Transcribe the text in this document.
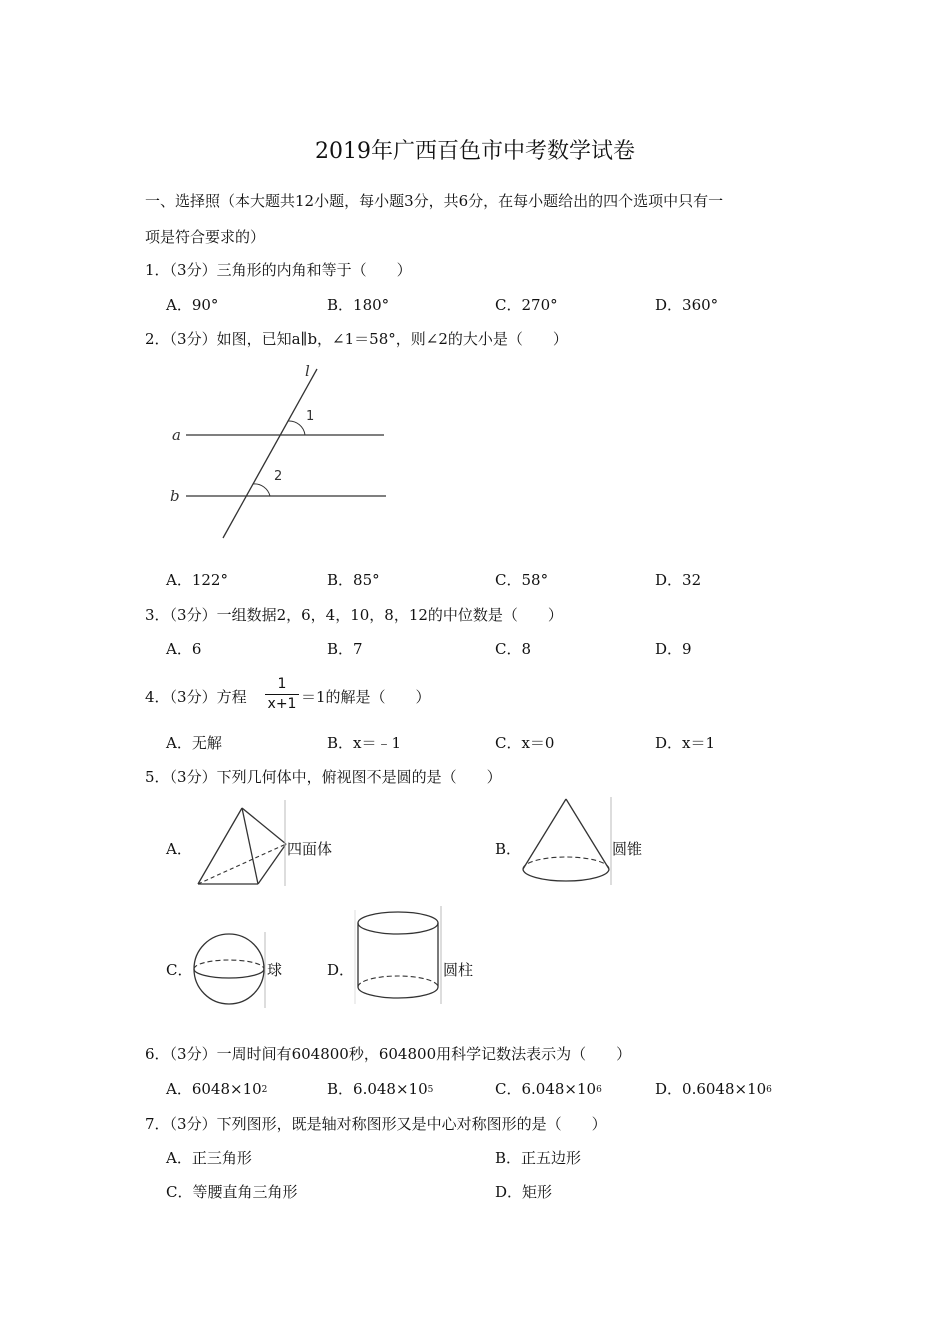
2019年广西百色市中考数学试卷
一、选择照（本大题共12小题，每小题3分，共6分，在每小题给出的四个选项中只有一
项是符合要求的）
1．（3分）三角形的内角和等于（　　）
A．90°	B．180°	C．270°	D．360°
2．（3分）如图，已知a∥b，∠1＝58°，则∠2的大小是（　　）
l
a
b
1
2
A．122°	B．85°	C．58°	D．32
3．（3分）一组数据2，6，4，10，8，12的中位数是（　　）
A．6	B．7	C．8	D．9
4．（3分）方程
1
x+1 ＝1的解是（　　）
A．无解	B．x＝﹣1	C．x＝0	D．x＝1
5．（3分）下列几何体中，俯视图不是圆的是（　　）
A．	四面体	B．	圆锥
C．	球	D．	圆柱
6．（3分）一周时间有604800秒，604800用科学记数法表示为（　　）
A．$6048\times 10^2$	B．$6.048\times 10^5$	C．$6.048\times 10^6$	D．$0.6048\times 10^6$
7．（3分）下列图形，既是轴对称图形又是中心对称图形的是（　　）
A．正三角形	B．正五边形
C．等腰直角三角形	D．矩形
